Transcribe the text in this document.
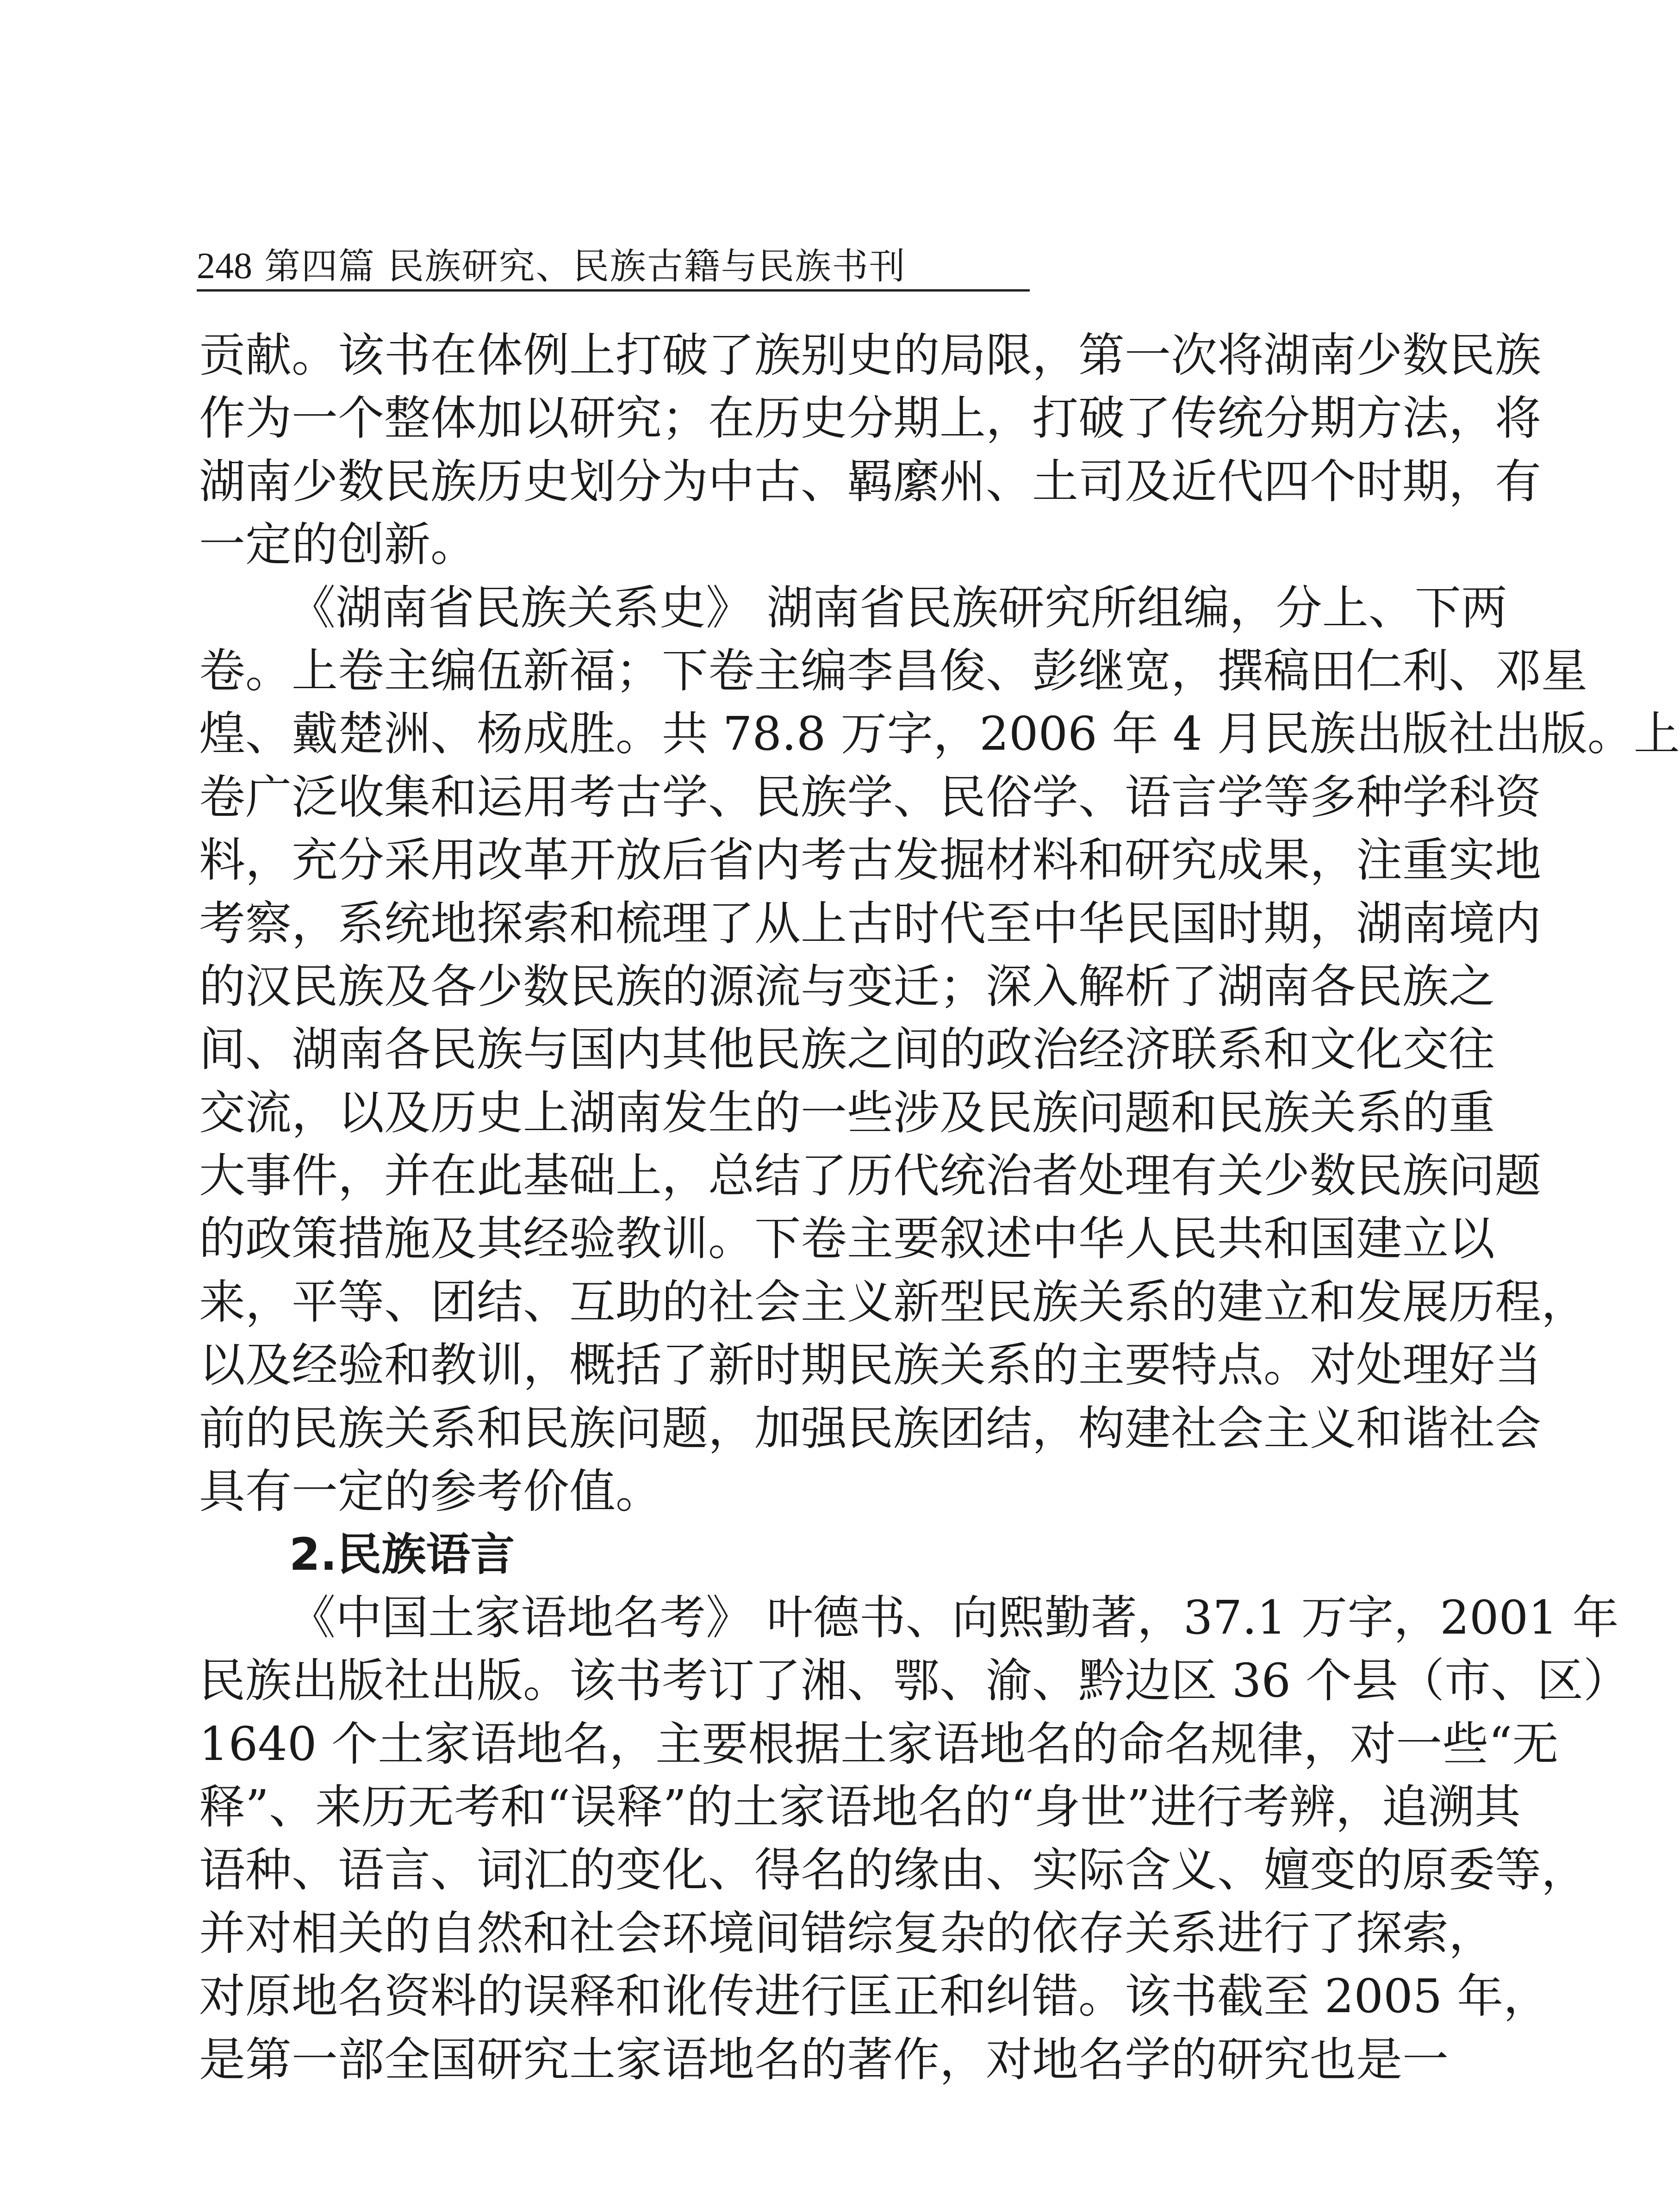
248 第四篇 民族研究、民族古籍与民族书刊
贡献。该书在体例上打破了族别史的局限，第一次将湖南少数民族
作为一个整体加以研究；在历史分期上，打破了传统分期方法，将
湖南少数民族历史划分为中古、羁縻州、土司及近代四个时期，有
一定的创新。
《湖南省民族关系史》 湖南省民族研究所组编，分上、下两
卷。上卷主编伍新福；下卷主编李昌俊、彭继宽，撰稿田仁利、邓星
煌、戴楚洲、杨成胜。共 78.8 万字，2006 年 4 月民族出版社出版。上
卷广泛收集和运用考古学、民族学、民俗学、语言学等多种学科资
料，充分采用改革开放后省内考古发掘材料和研究成果，注重实地
考察，系统地探索和梳理了从上古时代至中华民国时期，湖南境内
的汉民族及各少数民族的源流与变迁；深入解析了湖南各民族之
间、湖南各民族与国内其他民族之间的政治经济联系和文化交往
交流，以及历史上湖南发生的一些涉及民族问题和民族关系的重
大事件，并在此基础上，总结了历代统治者处理有关少数民族问题
的政策措施及其经验教训。下卷主要叙述中华人民共和国建立以
来，平等、团结、互助的社会主义新型民族关系的建立和发展历程，
以及经验和教训，概括了新时期民族关系的主要特点。对处理好当
前的民族关系和民族问题，加强民族团结，构建社会主义和谐社会
具有一定的参考价值。
2.民族语言
《中国土家语地名考》 叶德书、向熙勤著，37.1 万字，2001 年
民族出版社出版。该书考订了湘、鄂、渝、黔边区 36 个县（市、区）
1640 个土家语地名，主要根据土家语地名的命名规律，对一些“无
释”、来历无考和“误释”的土家语地名的“身世”进行考辨，追溯其
语种、语言、词汇的变化、得名的缘由、实际含义、嬗变的原委等，
并对相关的自然和社会环境间错综复杂的依存关系进行了探索，
对原地名资料的误释和讹传进行匡正和纠错。该书截至 2005 年，
是第一部全国研究土家语地名的著作，对地名学的研究也是一
